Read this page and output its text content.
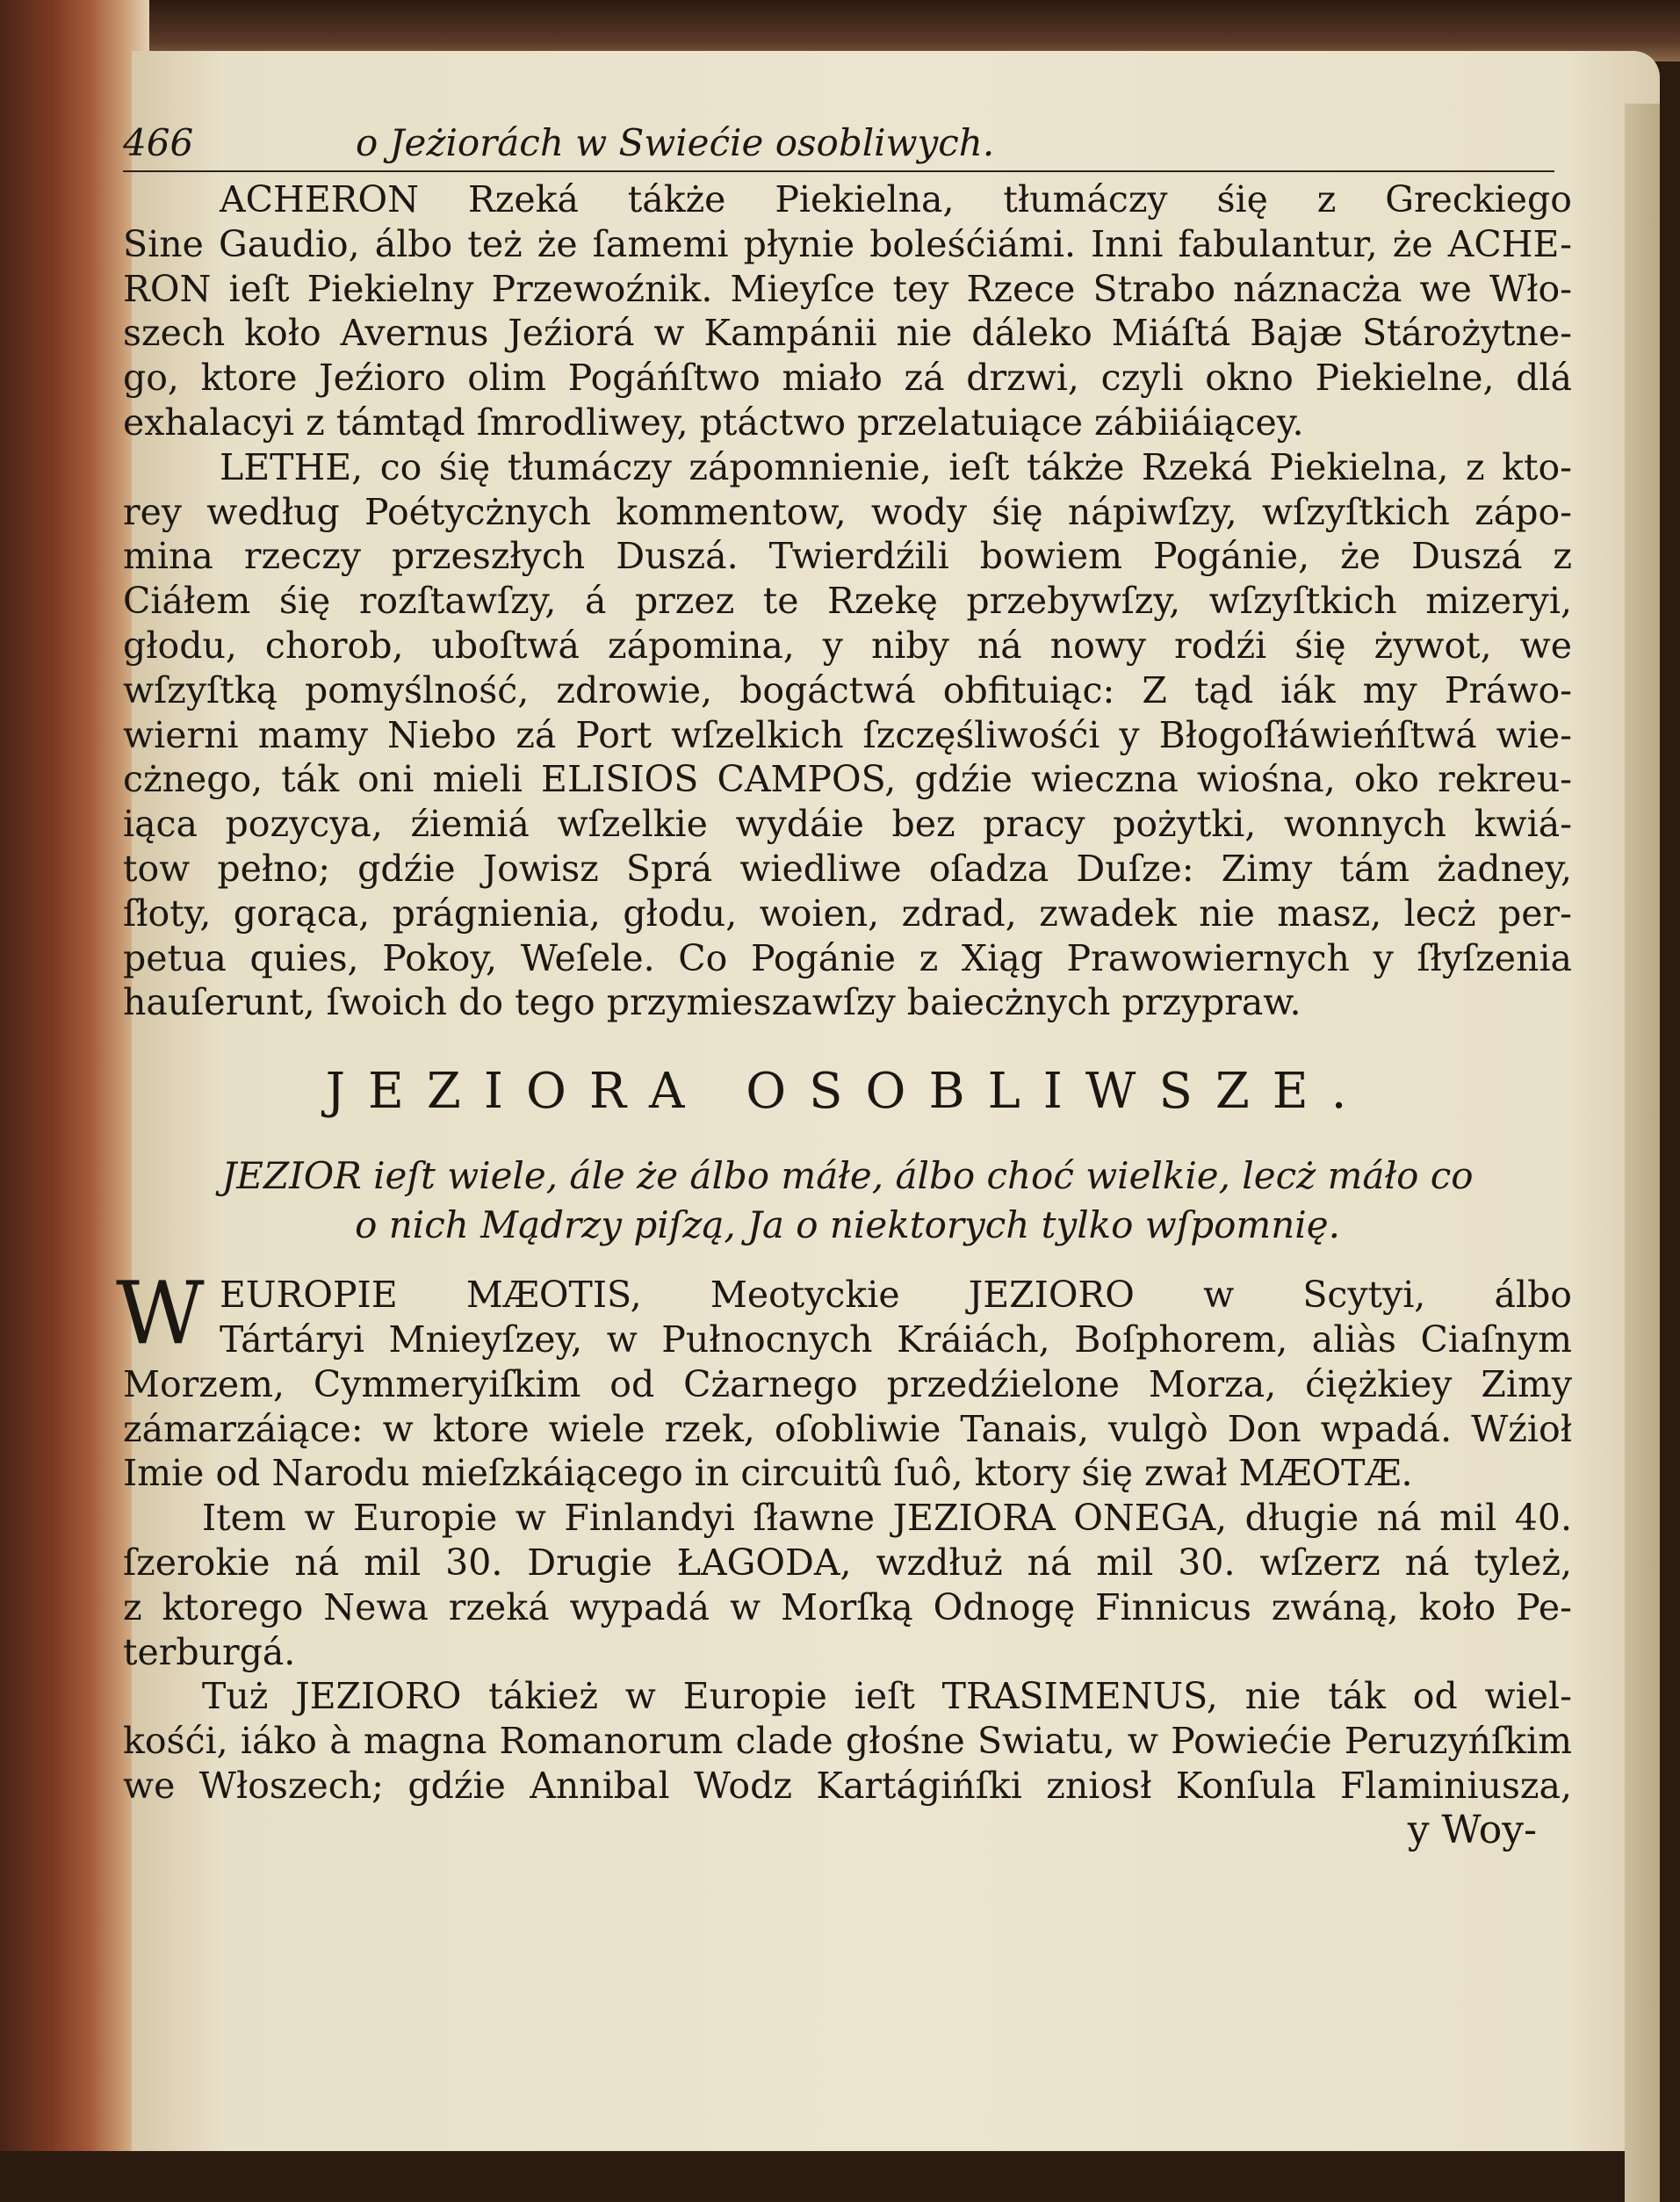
466	o Jeżiorách w Swiećie osobliwych.
ACHERON Rzeká tákże Piekielna, tłumáczy śię z Greckiego
Sine Gaudio, álbo też że ſamemi płynie boleśćiámi. Inni fabulantur, że ACHE-
RON ieſt Piekielny Przewoźnik. Mieyſce tey Rzece Strabo náznacża we Wło-
szech koło Avernus Jeźiorá w Kampánii nie dáleko Miáſtá Bajæ Stárożytne-
go, ktore Jeźioro olim Pogáńſtwo miało zá drzwi, czyli okno Piekielne, dlá
exhalacyi z támtąd ſmrodliwey, ptáctwo przelatuiące zábiiáiącey.
LETHE, co śię tłumáczy zápomnienie, ieſt tákże Rzeká Piekielna, z kto-
rey według Poétycżnych kommentow, wody śię nápiwſzy, wſzyſtkich zápo-
mina rzeczy przeszłych Duszá. Twierdźili bowiem Pogánie, że Duszá z
Ciáłem śię rozſtawſzy, á przez te Rzekę przebywſzy, wſzyſtkich mizeryi,
głodu, chorob, uboſtwá zápomina, y niby ná nowy rodźi śię żywot, we
wſzyſtką pomyślność, zdrowie, bogáctwá obfituiąc: Z tąd iák my Práwo-
wierni mamy Niebo zá Port wſzelkich ſzczęśliwośći y Błogoſłáwieńſtwá wie-
cżnego, ták oni mieli ELISIOS CAMPOS, gdźie wieczna wiośna, oko rekreu-
iąca pozycya, źiemiá wſzelkie wydáie bez pracy pożytki, wonnych kwiá-
tow pełno; gdźie Jowisz Sprá wiedliwe oſadza Duſze: Zimy tám żadney,
ſłoty, gorąca, prágnienia, głodu, woien, zdrad, zwadek nie masz, lecż per-
petua quies, Pokoy, Weſele. Co Pogánie z Xiąg Prawowiernych y ſłyſzenia
hauſerunt, ſwoich do tego przymieszawſzy baiecżnych przypraw.
JEZIORA OSOBLIWSZE.
JEZIOR ieſt wiele, ále że álbo máłe, álbo choć wielkie, lecż máło co
o nich Mądrzy piſzą, Ja o niektorych tylko wſpomnię.
W EUROPIE MÆOTIS, Meotyckie JEZIORO w Scytyi, álbo
Tártáryi Mnieyſzey, w Pułnocnych Kráiách, Boſphorem, aliàs Ciaſnym
Morzem, Cymmeryiſkim od Cżarnego przedźielone Morza, ćiężkiey Zimy
zámarzáiące: w ktore wiele rzek, oſobliwie Tanais, vulgò Don wpadá. Wźioł
Imie od Narodu mieſzkáiącego in circuitû ſuô, ktory śię zwał MÆOTÆ.
Item w Europie w Finlandyi ſławne JEZIORA ONEGA, długie ná mil 40.
ſzerokie ná mil 30. Drugie ŁAGODA, wzdłuż ná mil 30. wſzerz ná tyleż,
z ktorego Newa rzeká wypadá w Morſką Odnogę Finnicus zwáną, koło Pe-
terburgá.
Tuż JEZIORO tákież w Europie ieſt TRASIMENUS, nie ták od wiel-
kośći, iáko à magna Romanorum clade głośne Swiatu, w Powiećie Peruzyńſkim
we Włoszech; gdźie Annibal Wodz Kartágińſki zniosł Konſula Flaminiusza,
y Woy-
